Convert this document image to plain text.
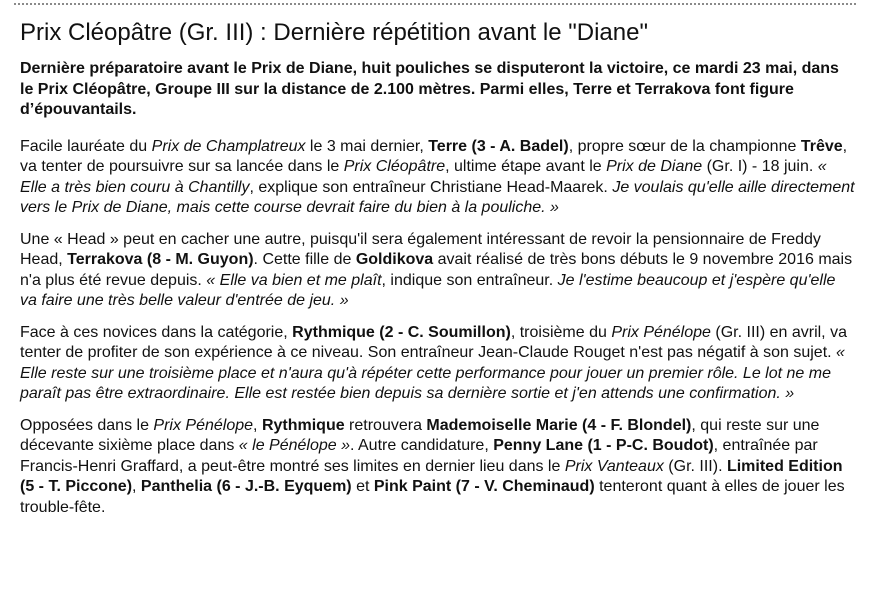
Prix Cléopâtre (Gr. III) : Dernière répétition avant le "Diane"

Dernière préparatoire avant le Prix de Diane, huit pouliches se disputeront la victoire, ce mardi 23 mai, dans le Prix Cléopâtre, Groupe III sur la distance de 2.100 mètres. Parmi elles, Terre et Terrakova font figure d’épouvantails.

Facile lauréate du Prix de Champlatreux le 3 mai dernier, Terre (3 - A. Badel), propre sœur de la championne Trêve, va tenter de poursuivre sur sa lancée dans le Prix Cléopâtre, ultime étape avant le Prix de Diane (Gr. I) - 18 juin. « Elle a très bien couru à Chantilly, explique son entraîneur Christiane Head-Maarek. Je voulais qu'elle aille directement vers le Prix de Diane, mais cette course devrait faire du bien à la pouliche. »

Une « Head » peut en cacher une autre, puisqu'il sera également intéressant de revoir la pensionnaire de Freddy Head, Terrakova (8 - M. Guyon). Cette fille de Goldikova avait réalisé de très bons débuts le 9 novembre 2016 mais n'a plus été revue depuis. « Elle va bien et me plaît, indique son entraîneur. Je l'estime beaucoup et j'espère qu'elle va faire une très belle valeur d'entrée de jeu. »

Face à ces novices dans la catégorie, Rythmique (2 - C. Soumillon), troisième du Prix Pénélope (Gr. III) en avril, va tenter de profiter de son expérience à ce niveau. Son entraîneur Jean-Claude Rouget n'est pas négatif à son sujet. « Elle reste sur une troisième place et n'aura qu'à répéter cette performance pour jouer un premier rôle. Le lot ne me paraît pas être extraordinaire. Elle est restée bien depuis sa dernière sortie et j'en attends une confirmation. »

Opposées dans le Prix Pénélope, Rythmique retrouvera Mademoiselle Marie (4 - F. Blondel), qui reste sur une décevante sixième place dans « le Pénélope ». Autre candidature, Penny Lane (1 - P-C. Boudot), entraînée par Francis-Henri Graffard, a peut-être montré ses limites en dernier lieu dans le Prix Vanteaux (Gr. III). Limited Edition (5 - T. Piccone), Panthelia (6 - J.-B. Eyquem) et Pink Paint (7 - V. Cheminaud) tenteront quant à elles de jouer les trouble-fête.
